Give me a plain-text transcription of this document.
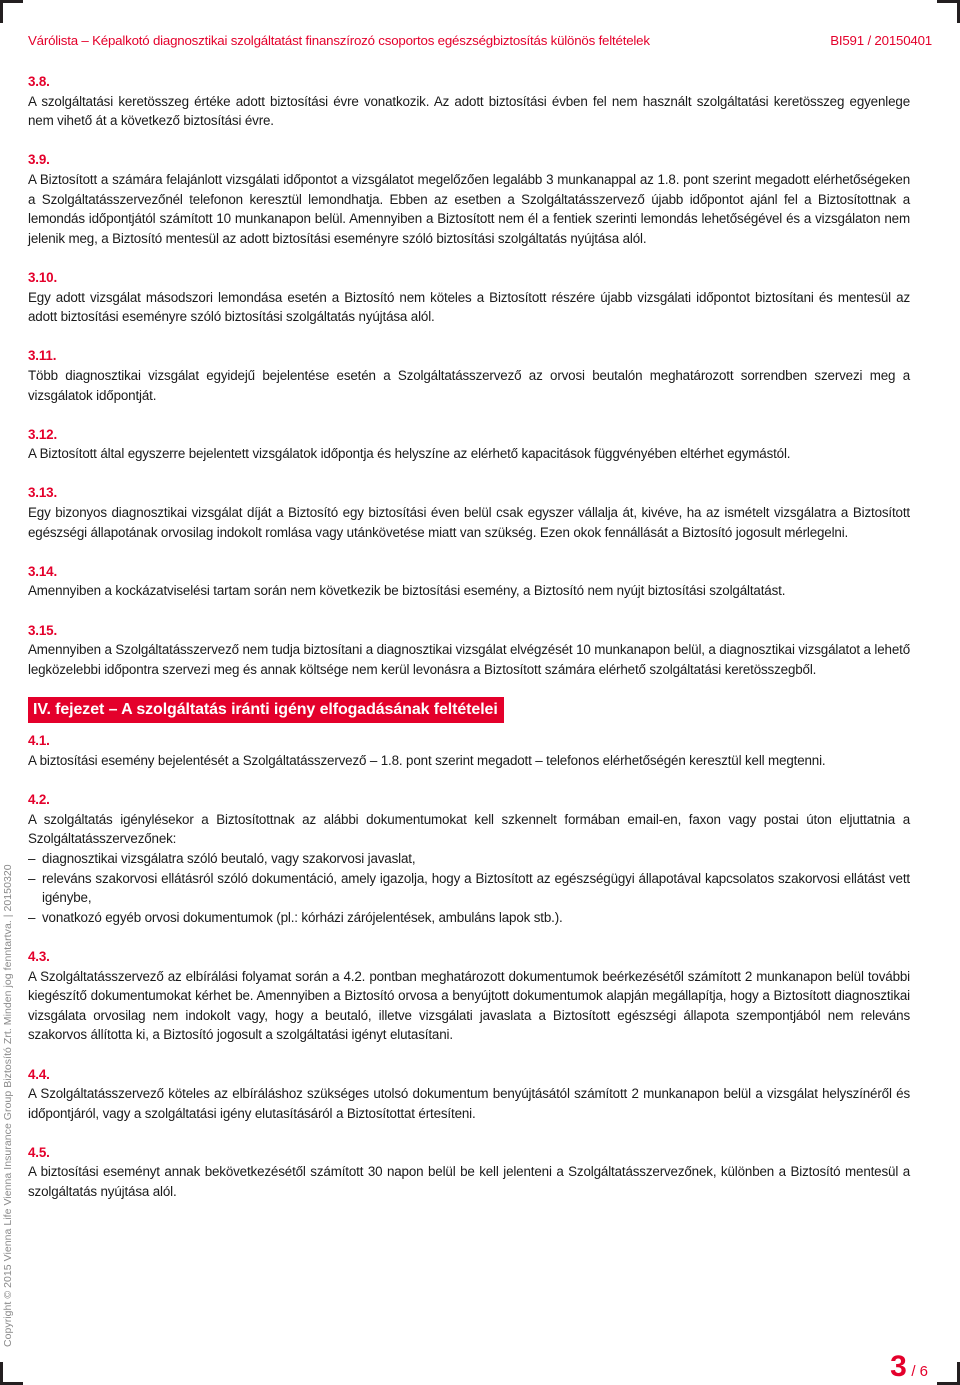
Várólista – Képalkotó diagnosztikai szolgáltatást finanszírozó csoportos egészségbiztosítás különös feltételek	BI591 / 20150401
3.8.

A szolgáltatási keretösszeg értéke adott biztosítási évre vonatkozik. Az adott biztosítási évben fel nem használt szolgáltatási keretösszeg egyenlege nem vihető át a következő biztosítási évre.

3.9.

A Biztosított a számára felajánlott vizsgálati időpontot a vizsgálatot megelőzően legalább 3 munkanappal az 1.8. pont szerint megadott elérhetőségeken a Szolgáltatásszervezőnél telefonon keresztül lemondhatja. Ebben az esetben a Szolgáltatásszervező újabb időpontot ajánl fel a Biztosítottnak a lemondás időpontjától számított 10 munkanapon belül. Amennyiben a Biztosított nem él a fentiek szerinti lemondás lehetőségével és a vizsgálaton nem jelenik meg, a Biztosító mentesül az adott biztosítási eseményre szóló biztosítási szolgáltatás nyújtása alól.

3.10.

Egy adott vizsgálat másodszori lemondása esetén a Biztosító nem köteles a Biztosított részére újabb vizsgálati időpontot biztosítani és mentesül az adott biztosítási eseményre szóló biztosítási szolgáltatás nyújtása alól.

3.11.

Több diagnosztikai vizsgálat egyidejű bejelentése esetén a Szolgáltatásszervező az orvosi beutalón meghatározott sorrendben szervezi meg a vizsgálatok időpontját.

3.12.

A Biztosított által egyszerre bejelentett vizsgálatok időpontja és helyszíne az elérhető kapacitások függvényében eltérhet egymástól.

3.13.

Egy bizonyos diagnosztikai vizsgálat díját a Biztosító egy biztosítási éven belül csak egyszer vállalja át, kivéve, ha az ismételt vizsgálatra a Biztosított egészségi állapotának orvosilag indokolt romlása vagy utánkövetése miatt van szükség. Ezen okok fennállását a Biztosító jogosult mérlegelni.

3.14.

Amennyiben a kockázatviselési tartam során nem következik be biztosítási esemény, a Biztosító nem nyújt biztosítási szolgáltatást.

3.15.

Amennyiben a Szolgáltatásszervező nem tudja biztosítani a diagnosztikai vizsgálat elvégzését 10 munkanapon belül, a diagnosztikai vizsgálatot a lehető legközelebbi időpontra szervezi meg és annak költsége nem kerül levonásra a Biztosított számára elérhető szolgáltatási keretösszegből.

IV. fejezet – A szolgáltatás iránti igény elfogadásának feltételei
4.1.

A biztosítási esemény bejelentését a Szolgáltatásszervező – 1.8. pont szerint megadott – telefonos elérhetőségén keresztül kell megtenni.

4.2.

A szolgáltatás igénylésekor a Biztosítottnak az alábbi dokumentumokat kell szkennelt formában email-en, faxon vagy postai úton eljuttatnia a Szolgáltatásszervezőnek:

– diagnosztikai vizsgálatra szóló beutaló, vagy szakorvosi javaslat,
– releváns szakorvosi ellátásról szóló dokumentáció, amely igazolja, hogy a Biztosított az egészségügyi állapotával kapcsolatos szakorvosi ellátást vett igénybe,
– vonatkozó egyéb orvosi dokumentumok (pl.: kórházi zárójelentések, ambuláns lapok stb.).
4.3.

A Szolgáltatásszervező az elbírálási folyamat során a 4.2. pontban meghatározott dokumentumok beérkezésétől számított 2 munkanapon belül további kiegészítő dokumentumokat kérhet be. Amennyiben a Biztosító orvosa a benyújtott dokumentumok alapján megállapítja, hogy a Biztosított diagnosztikai vizsgálata orvosilag nem indokolt vagy, hogy a beutaló, illetve vizsgálati javaslata a Biztosított egészségi állapota szempontjából nem releváns szakorvos állította ki, a Biztosító jogosult a szolgáltatási igényt elutasítani.

4.4.

A Szolgáltatásszervező köteles az elbíráláshoz szükséges utolsó dokumentum benyújtásától számított 2 munkanapon belül a vizsgálat helyszínéről és időpontjáról, vagy a szolgáltatási igény elutasításáról a Biztosítottat értesíteni.

4.5.

A biztosítási eseményt annak bekövetkezésétől számított 30 napon belül be kell jelenteni a Szolgáltatásszervezőnek, különben a Biztosító mentesül a szolgáltatás nyújtása alól.

Copyright © 2015 Vienna Life Vienna Insurance Group Biztosító Zrt. Minden jog fenntartva. | 20150320
3 / 6
